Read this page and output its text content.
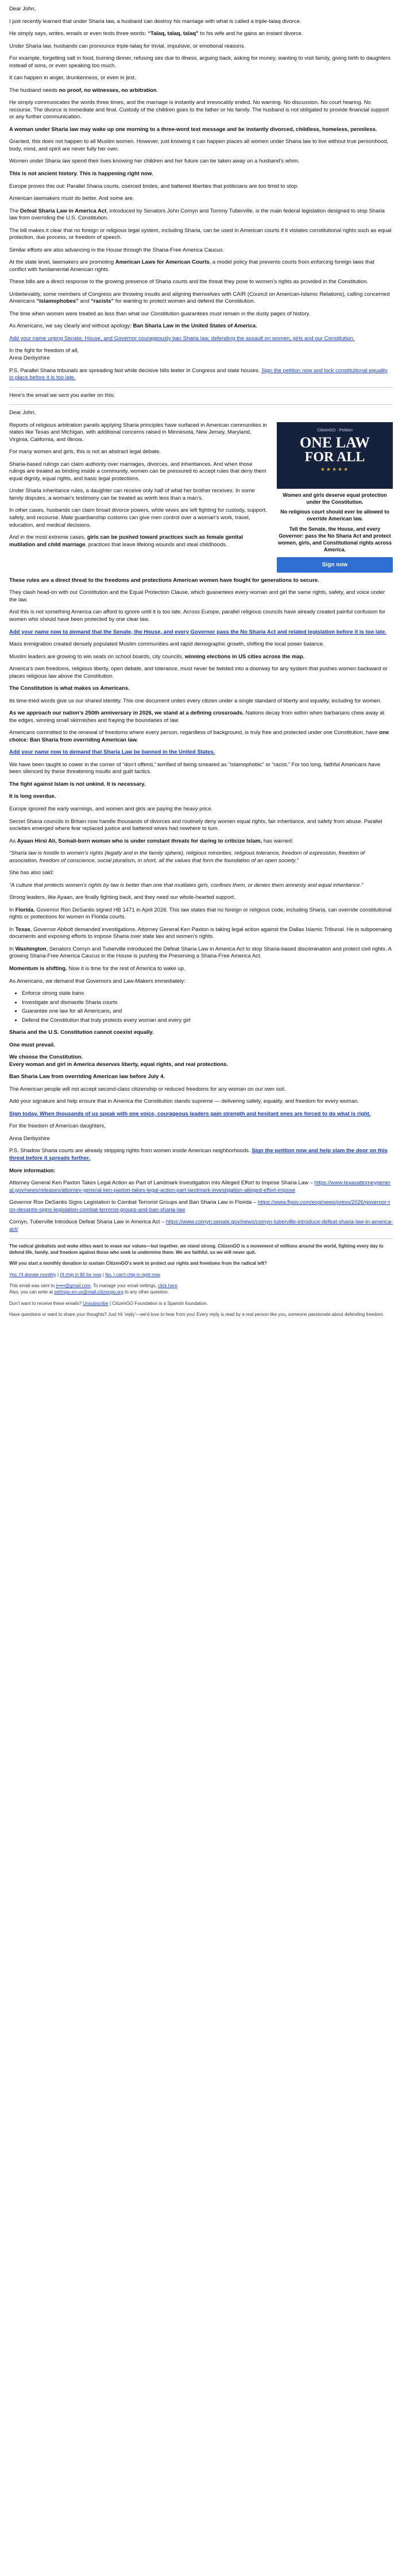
Dear John,

I just recently learned that under Sharia law, a husband can destroy his marriage with what is called a triple-talaq divorce.

He simply says, writes, emails or even texts three words: “Talaq, talaq, talaq” to his wife and he gains an instant divorce.

Under Sharia law, husbands can pronounce triple-talaq for trivial, impulsive, or emotional reasons.

For example, forgetting salt in food, burning dinner, refusing sex due to illness, arguing back, asking for money, wanting to visit family, giving birth to daughters instead of sons, or even speaking too much.

It can happen in anger, drunkenness, or even in jest.

The husband needs no proof, no witnesses, no arbitration.

He simply communicates the words three times, and the marriage is instantly and irrevocably ended. No warning. No discussion. No court hearing. No recourse. The divorce is immediate and final. Custody of the children goes to the father or his family. The husband is not obligated to provide financial support or any further communication.

A woman under Sharia law may wake up one morning to a three-word text message and be instantly divorced, childless, homeless, penniless.

Granted, this does not happen to all Muslim women. However, just knowing it can happen places all women under Sharia law to live without true personhood, body, mind, and spirit are never fully her own.

Women under Sharia law spend their lives knowing her children and her future can be taken away on a husband’s whim.

This is not ancient history. This is happening right now.

Europe proves this out: Parallel Sharia courts, coerced brides, and battered liberties that politicians are too timid to stop.

American lawmakers must do better. And some are.

The Defeat Sharia Law in America Act, introduced by Senators John Cornyn and Tommy Tuberville, is the main federal legislation designed to stop Sharia law from overriding the U.S. Constitution.

The bill makes it clear that no foreign or religious legal system, including Sharia, can be used in American courts if it violates constitutional rights such as equal protection, due process, or freedom of speech.

Similar efforts are also advancing in the House through the Sharia-Free America Caucus.

At the state level, lawmakers are promoting American Laws for American Courts, a model policy that prevents courts from enforcing foreign laws that conflict with fundamental American rights.

These bills are a direct response to the growing presence of Sharia courts and the threat they pose to women’s rights as provided in the Constitution.

Unbelievably, some members of Congress are throwing insults and aligning themselves with CAIR (Council on American-Islamic Relations), calling concerned Americans “Islamophobes” and “racists” for wanting to protect women and defend the Constitution.

The time when women were treated as less than what our Constitution guarantees must remain in the dusty pages of history.

As Americans, we say clearly and without apology: Ban Sharia Law in the United States of America.

Add your name urging Senate, House, and Governor courageously ban Sharia law, defending the assault on women, girls and our Constitution.

In the fight for freedom of all,
Anna Derbyshire

P.S. Parallel Sharia tribunals are spreading fast while decisive bills teeter in Congress and state houses. Sign the petition now and lock constitutional equality in place before it is too late.

Here's the email we sent you earlier on this:

Dear John,

CitizenGO · Petition
ONE LAW
FOR ALL
★★★★★

Women and girls deserve equal protection under the Constitution.

No religious court should ever be allowed to override American law.

Tell the Senate, the House, and every Governor: pass the No Sharia Act and protect women, girls, and Constitutional rights across America.

Sign now

Reports of religious arbitration panels applying Sharia principles have surfaced in American communities in states like Texas and Michigan, with additional concerns raised in Minnesota, New Jersey, Maryland, Virginia, California, and Illinois.

For many women and girls, this is not an abstract legal debate.

Sharia-based rulings can claim authority over marriages, divorces, and inheritances. And when those rulings are treated as binding inside a community, women can be pressured to accept rules that deny them equal dignity, equal rights, and basic legal protections.

Under Sharia inheritance rules, a daughter can receive only half of what her brother receives. In some family disputes, a woman’s testimony can be treated as worth less than a man’s.

In other cases, husbands can claim broad divorce powers, while wives are left fighting for custody, support, safety, and recourse. Male guardianship customs can give men control over a woman’s work, travel, education, and medical decisions.

And in the most extreme cases, girls can be pushed toward practices such as female genital mutilation and child marriage, practices that leave lifelong wounds and steal childhoods.

These rules are a direct threat to the freedoms and protections American women have fought for generations to secure.

They clash head-on with our Constitution and the Equal Protection Clause, which guarantees every woman and girl the same rights, safety, and voice under the law.

And this is not something America can afford to ignore until it is too late. Across Europe, parallel religious councils have already created painful confusion for women who should have been protected by one clear law.

Add your name now to demand that the Senate, the House, and every Governor pass the No Sharia Act and related legislation before it is too late.

Mass immigration created densely populated Muslim communities and rapid demographic growth, shifting the local power balance.

Muslim leaders are growing to win seats on school boards, city councils, winning elections in US cities across the map.

America’s own freedoms, religious liberty, open debate, and tolerance, must never be twisted into a doorway for any system that pushes women backward or places religious law above the Constitution.

The Constitution is what makes us Americans.

Its time-tried words give us our shared identity. This one document unites every citizen under a single standard of liberty and equality, including for women.

As we approach our nation’s 250th anniversary in 2026, we stand at a defining crossroads. Nations decay from within when barbarians chew away at the edges, winning small skirmishes and fraying the boundaries of law.

Americans committed to the renewal of freedoms where every person, regardless of background, is truly free and protected under one Constitution, have one choice: Ban Sharia from overriding American law.

Add your name now to demand that Sharia Law be banned in the United States.

We have been taught to cower in the corner of “don’t offend,” terrified of being smeared as “Islamophobic” or “racist.” For too long, faithful Americans have been silenced by these threatening insults and guilt tactics.

The fight against Islam is not unkind. It is necessary.

It is long overdue.

Europe ignored the early warnings, and women and girls are paying the heavy price.

Secret Sharia councils in Britain now handle thousands of divorces and routinely deny women equal rights, fair inheritance, and safety from abuse. Parallel societies emerged where fear replaced justice and battered wives had nowhere to turn.

As Ayaan Hirsi Ali, Somali-born woman who is under constant threats for daring to criticize Islam, has warned:

“Sharia law is hostile to women’s rights (legally and in the family sphere), religious minorities, religious tolerance, freedom of expression, freedom of association, freedom of conscience, social pluralism, in short, all the values that form the foundation of an open society.”

She has also said:

“A culture that protects women’s rights by law is better than one that mutilates girls, confines them, or denies them amnesty and equal inheritance.”

Strong leaders, like Ayaan, are finally fighting back, and they need our whole-hearted support.

In Florida, Governor Ron DeSantis signed HB 1471 in April 2026. This law states that no foreign or religious code, including Sharia, can override constitutional rights or protections for women in Florida courts.

In Texas, Governor Abbott demanded investigations. Attorney General Ken Paxton is taking legal action against the Dallas Islamic Tribunal. He is subpoenaing documents and exposing efforts to impose Sharia over state law and women’s rights.

In Washington, Senators Cornyn and Tuberville introduced the Defeat Sharia Law in America Act to stop Sharia-based discrimination and protect civil rights. A growing Sharia-Free America Caucus in the House is pushing the Preserving a Sharia-Free America Act.

Momentum is shifting. Now it is time for the rest of America to wake up.

As Americans, we demand that Governors and Law-Makers immediately:

• Enforce strong state bans
• Investigate and dismantle Sharia courts
• Guarantee one law for all Americans, and
• Defend the Constitution that truly protects every woman and every girl

Sharia and the U.S. Constitution cannot coexist equally.

One must prevail.

We choose the Constitution.
Every woman and girl in America deserves liberty, equal rights, and real protections.

Ban Sharia Law from overriding American law before July 4.

The American people will not accept second-class citizenship or reduced freedoms for any woman on our own soil.

Add your signature and help ensure that in America the Constitution stands supreme — delivering safety, equality, and freedom for every woman.

Sign today. When thousands of us speak with one voice, courageous leaders gain strength and hesitant ones are forced to do what is right.

For the freedom of American daughters,

Anna Derbyshire

P.S. Shadow Sharia courts are already stripping rights from women inside American neighborhoods. Sign the petition now and help slam the door on this threat before it spreads further.

More information:

Attorney General Ken Paxton Takes Legal Action as Part of Landmark Investigation into Alleged Effort to Impose Sharia Law – https://www.texasattorneygeneral.gov/news/releases/attorney-general-ken-paxton-takes-legal-action-part-landmark-investigation-alleged-effort-impose

Governor Ron DeSantis Signs Legislation to Combat Terrorist Groups and Ban Sharia Law in Florida – https://www.flgov.com/eog/news/press/2026/governor-ron-desantis-signs-legislation-combat-terrorist-groups-and-ban-sharia-law

Cornyn, Tuberville Introduce Defeat Sharia Law in America Act – https://www.cornyn.senate.gov/news/cornyn-tuberville-introduce-defeat-sharia-law-in-america-act/

The radical globalists and woke elites want to erase our values—but together, we stand strong. CitizenGO is a movement of millions around the world, fighting every day to defend life, family, and freedom against those who seek to undermine them. We are faithful, so we will never quit.

Will you start a monthly donation to sustain CitizenGO's work to protect our rights and freedoms from the radical left?

Yes, I'll donate monthly | I'll chip in $5 for now | No, I can't chip in right now

This email was sent to j•••••@gmail.com. To manage your email settings, click here.
Also, you can write at settings-en-us@mail.citizengo.org to any other question.

Don't want to receive these emails? Unsubscribe | CitizenGO Foundation is a Spanish foundation.

Have questions or want to share your thoughts? Just hit 'reply'—we'd love to hear from you! Every reply is read by a real person like you, someone passionate about defending freedom.
